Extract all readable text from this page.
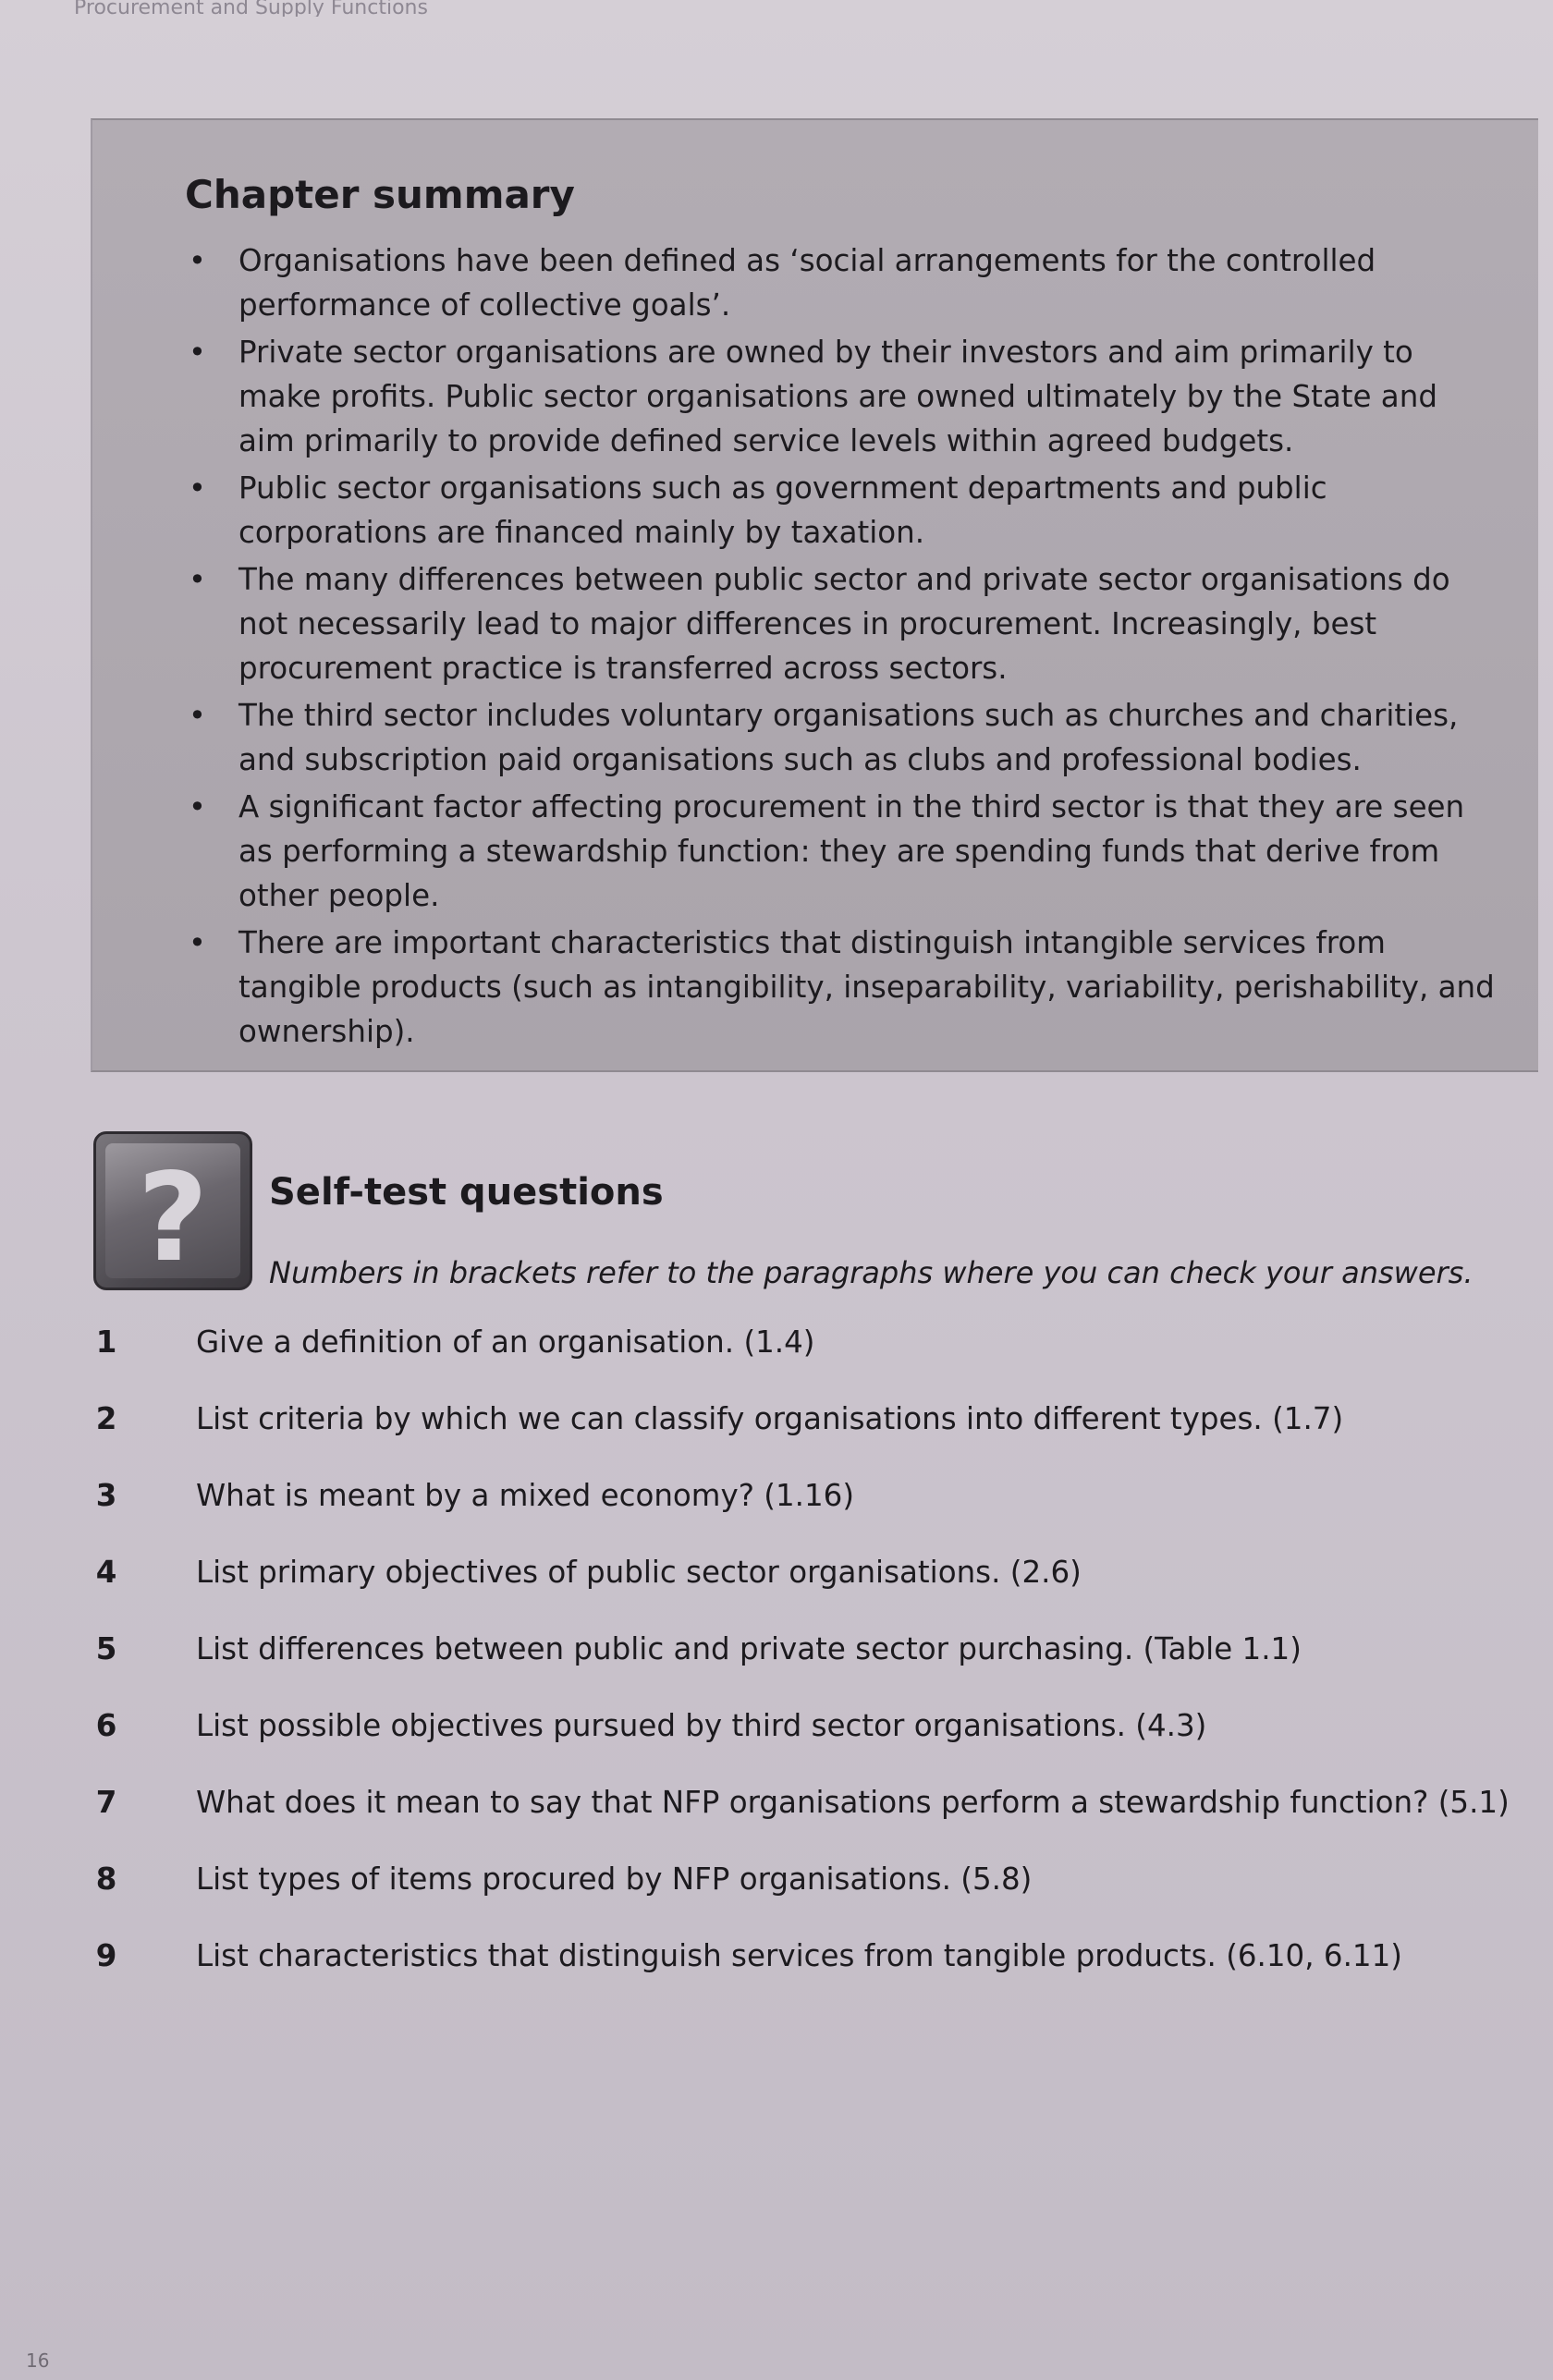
Procurement and Supply Functions
Chapter summary
• Organisations have been defined as ‘social arrangements for the controlled performance of collective goals’.
• Private sector organisations are owned by their investors and aim primarily to make profits. Public sector organisations are owned ultimately by the State and aim primarily to provide defined service levels within agreed budgets.
• Public sector organisations such as government departments and public corporations are financed mainly by taxation.
• The many differences between public sector and private sector organisations do not necessarily lead to major differences in procurement. Increasingly, best procurement practice is transferred across sectors.
• The third sector includes voluntary organisations such as churches and charities, and subscription paid organisations such as clubs and professional bodies.
• A significant factor affecting procurement in the third sector is that they are seen as performing a stewardship function: they are spending funds that derive from other people.
• There are important characteristics that distinguish intangible services from tangible products (such as intangibility, inseparability, variability, perishability, and ownership).
?	Self-test questions

Numbers in brackets refer to the paragraphs where you can check your answers.

1	Give a definition of an organisation. (1.4)
2	List criteria by which we can classify organisations into different types. (1.7)
3	What is meant by a mixed economy? (1.16)
4	List primary objectives of public sector organisations. (2.6)
5	List differences between public and private sector purchasing. (Table 1.1)
6	List possible objectives pursued by third sector organisations. (4.3)
7	What does it mean to say that NFP organisations perform a stewardship function? (5.1)
8	List types of items procured by NFP organisations. (5.8)
9	List characteristics that distinguish services from tangible products. (6.10, 6.11)
16
